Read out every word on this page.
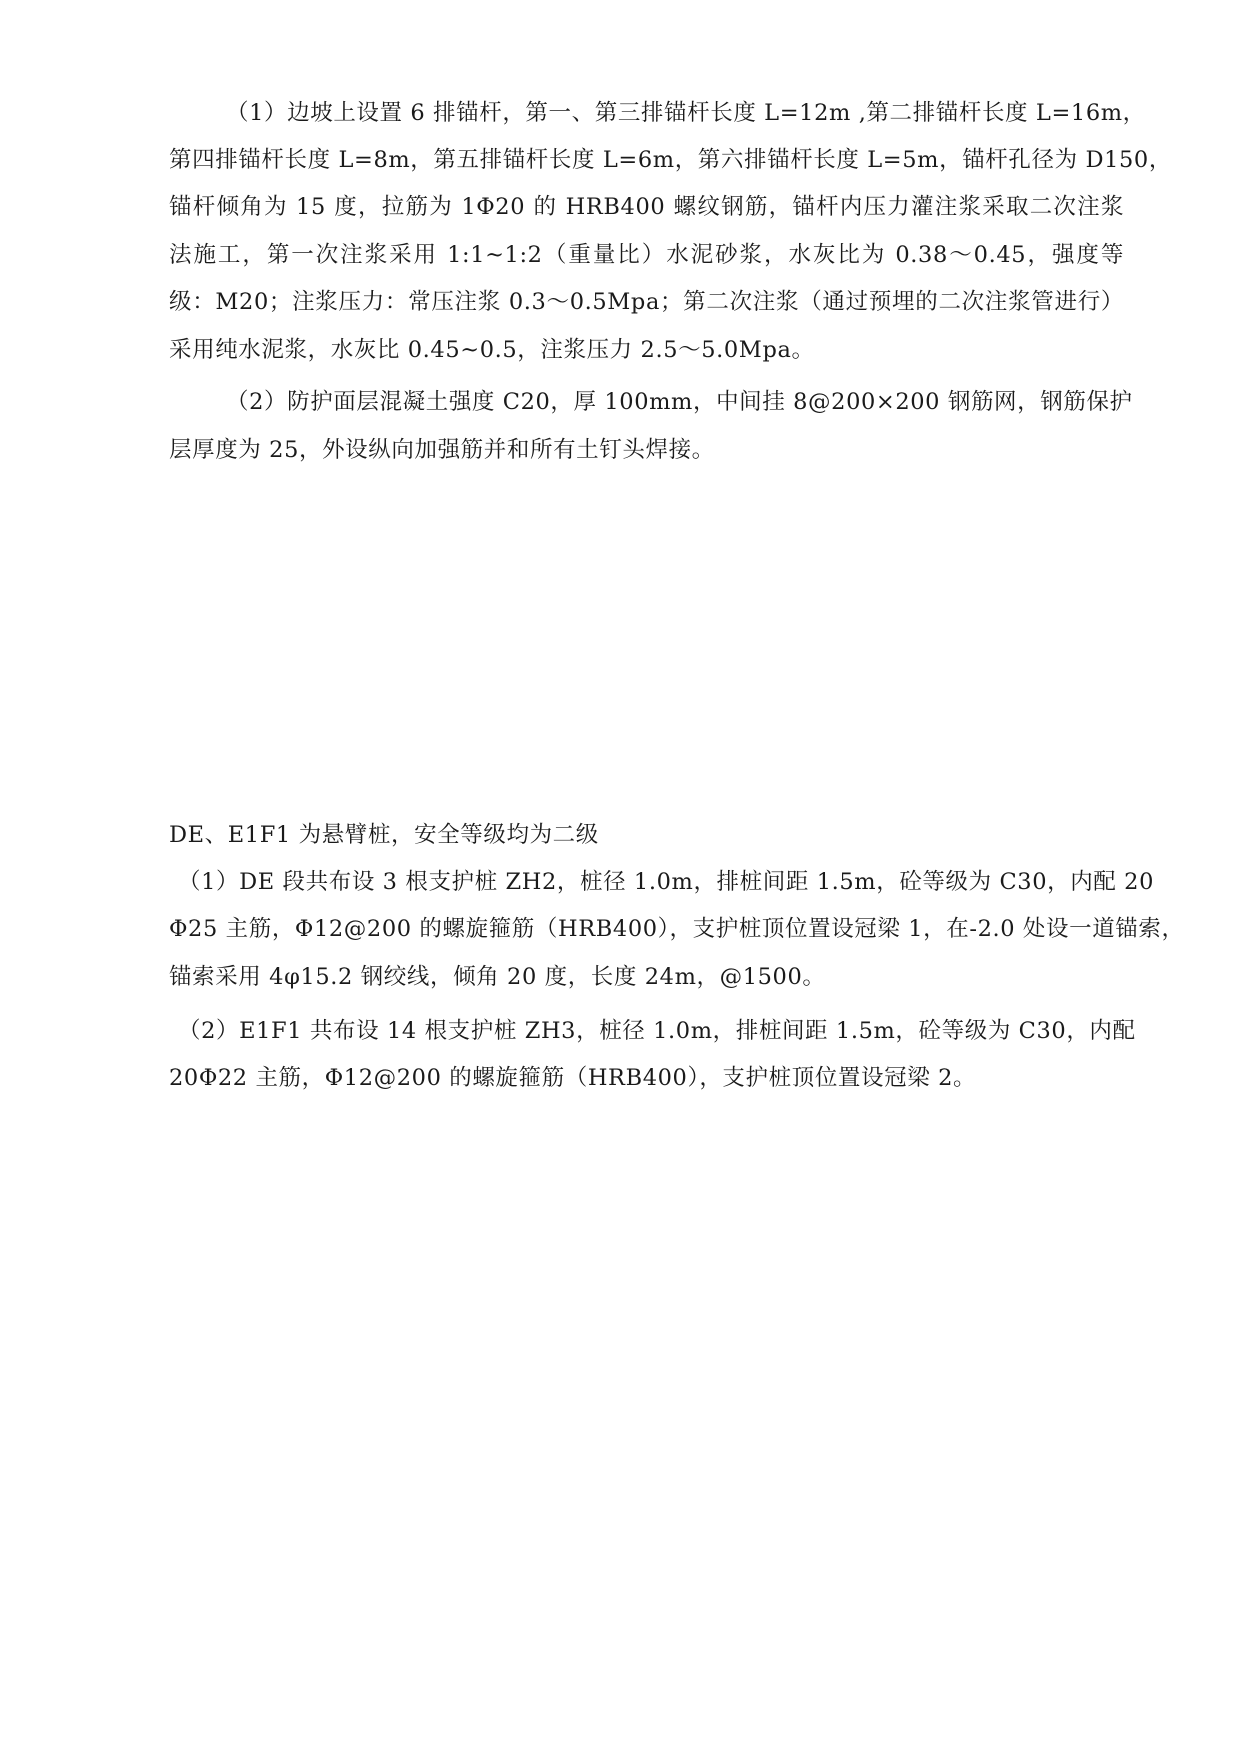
（1）边坡上设置 6 排锚杆，第一、第三排锚杆长度 L=12m ,第二排锚杆长度 L=16m，
第四排锚杆长度 L=8m，第五排锚杆长度 L=6m，第六排锚杆长度 L=5m，锚杆孔径为 D150，
锚杆倾角为 15 度，拉筋为 1Φ20 的 HRB400 螺纹钢筋，锚杆内压力灌注浆采取二次注浆
法施工，第一次注浆采用 1:1~1:2（重量比）水泥砂浆，水灰比为 0.38～0.45，强度等
级：M20；注浆压力：常压注浆 0.3～0.5Mpa；第二次注浆（通过预埋的二次注浆管进行）
采用纯水泥浆，水灰比 0.45~0.5，注浆压力 2.5～5.0Mpa。
（2）防护面层混凝土强度 C20，厚 100mm，中间挂 8@200×200 钢筋网，钢筋保护
层厚度为 25，外设纵向加强筋并和所有土钉头焊接。
DE、E1F1 为悬臂桩，安全等级均为二级
（1）DE 段共布设 3 根支护桩 ZH2，桩径 1.0m，排桩间距 1.5m，砼等级为 C30，内配 20
Φ25 主筋，Φ12@200 的螺旋箍筋（HRB400），支护桩顶位置设冠梁 1，在-2.0 处设一道锚索，
锚索采用 4φ15.2 钢绞线，倾角 20 度，长度 24m，@1500。
（2）E1F1 共布设 14 根支护桩 ZH3，桩径 1.0m，排桩间距 1.5m，砼等级为 C30，内配
20Φ22 主筋，Φ12@200 的螺旋箍筋（HRB400），支护桩顶位置设冠梁 2。
